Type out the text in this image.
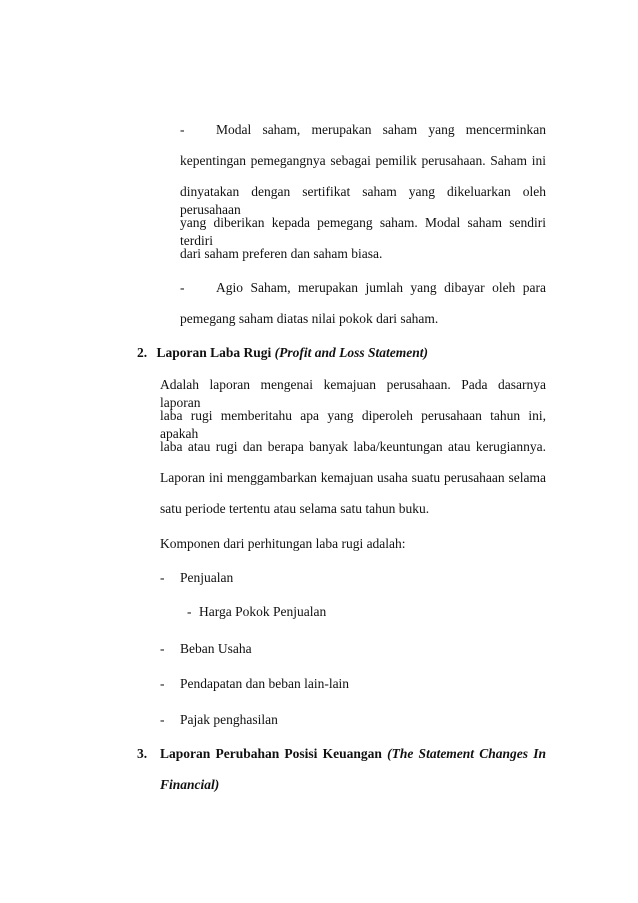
- Modal saham, merupakan saham yang mencerminkan
kepentingan pemegangnya sebagai pemilik perusahaan. Saham ini
dinyatakan dengan sertifikat saham yang dikeluarkan oleh perusahaan
yang diberikan kepada pemegang saham. Modal saham sendiri terdiri
dari saham preferen dan saham biasa.
- Agio Saham, merupakan jumlah yang dibayar oleh para
pemegang saham diatas nilai pokok dari saham.
2. Laporan Laba Rugi (Profit and Loss Statement)
Adalah laporan mengenai kemajuan perusahaan. Pada dasarnya laporan
laba rugi memberitahu apa yang diperoleh perusahaan tahun ini, apakah
laba atau rugi dan berapa banyak laba/keuntungan atau kerugiannya.
Laporan ini menggambarkan kemajuan usaha suatu perusahaan selama
satu periode tertentu atau selama satu tahun buku.
Komponen dari perhitungan laba rugi adalah:
- Penjualan
- Harga Pokok Penjualan
- Beban Usaha
- Pendapatan dan beban lain-lain
- Pajak penghasilan
3. Laporan Perubahan Posisi Keuangan (The Statement Changes In
Financial)
